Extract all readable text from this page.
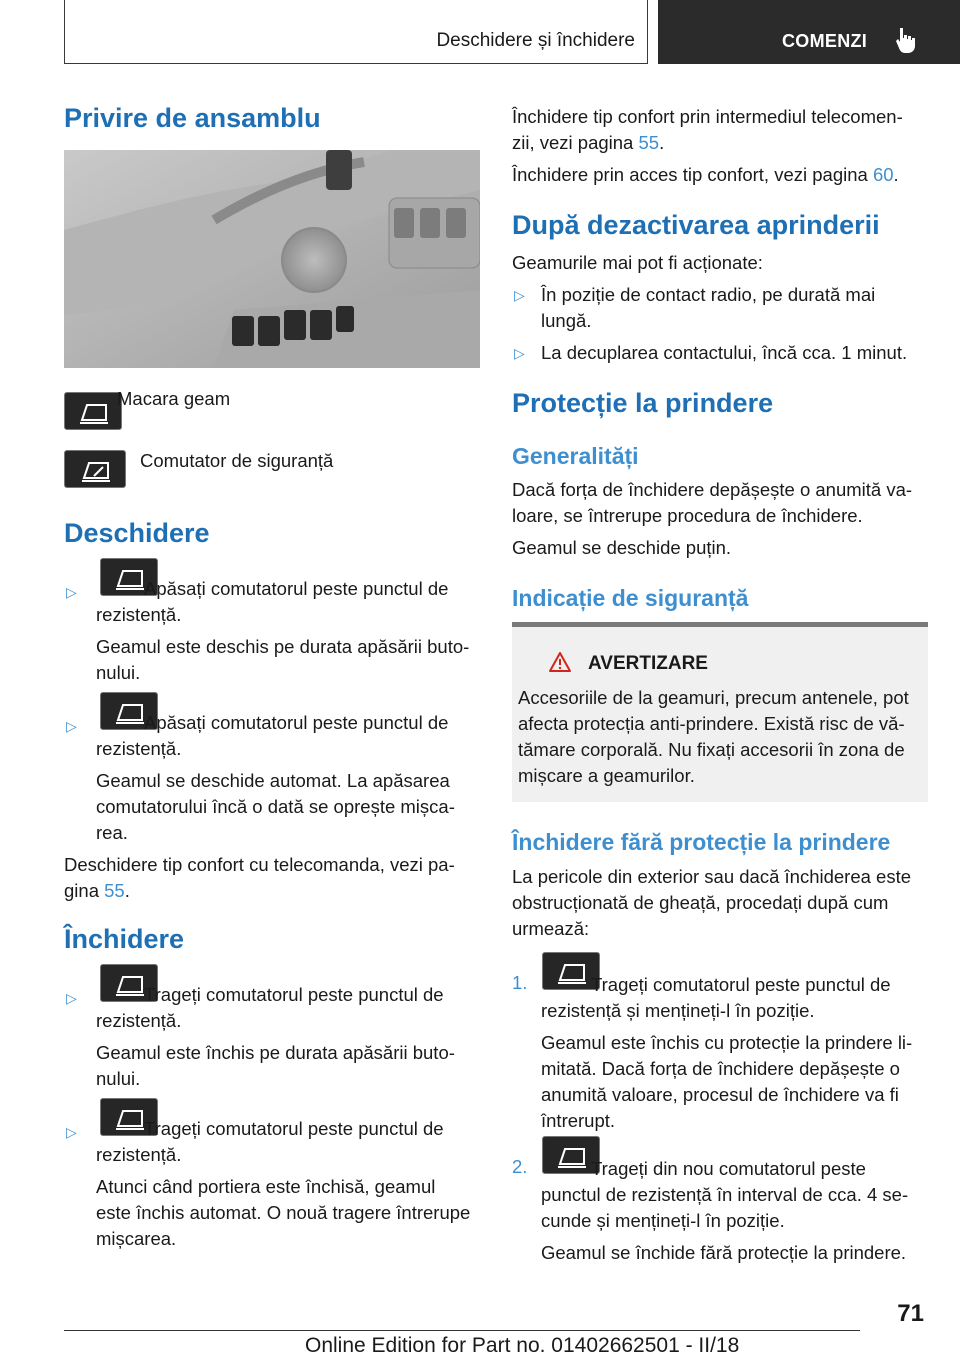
Deschidere și închidere	COMENZI
Privire de ansamblu
Macara geam
Comutator de siguranță
Deschidere
▷	Apăsați comutatorul peste punctul de
rezistență.
Geamul este deschis pe durata apăsării buto-
nului.
▷	Apăsați comutatorul peste punctul de
rezistență.
Geamul se deschide automat. La apăsarea
comutatorului încă o dată se oprește mișca-
rea.
Deschidere tip confort cu telecomanda, vezi pa-
gina 55.
Închidere
▷	Trageți comutatorul peste punctul de
rezistență.
Geamul este închis pe durata apăsării buto-
nului.
▷	Trageți comutatorul peste punctul de
rezistență.
Atunci când portiera este închisă, geamul
este închis automat. O nouă tragere întrerupe
mișcarea.
Închidere tip confort prin intermediul telecomen-
zii, vezi pagina 55.
Închidere prin acces tip confort, vezi pagina 60.
După dezactivarea aprinderii
Geamurile mai pot fi acționate:
▷ În poziție de contact radio, pe durată mai
lungă.
▷ La decuplarea contactului, încă cca. 1 minut.
Protecție la prindere
Generalități
Dacă forța de închidere depășește o anumită va-
loare, se întrerupe procedura de închidere.
Geamul se deschide puțin.
Indicație de siguranță
AVERTIZARE
Accesoriile de la geamuri, precum antenele, pot
afecta protecția anti-prindere. Există risc de vă-
tămare corporală. Nu fixați accesorii în zona de
mișcare a geamurilor.
Închidere fără protecție la prindere
La pericole din exterior sau dacă închiderea este
obstrucționată de gheață, procedați după cum
urmează:
1.	Trageți comutatorul peste punctul de
rezistență și mențineți-l în poziție.
Geamul este închis cu protecție la prindere li-
mitată. Dacă forța de închidere depășește o
anumită valoare, procesul de închidere va fi
întrerupt.
2.	Trageți din nou comutatorul peste
punctul de rezistență în interval de cca. 4 se-
cunde și mențineți-l în poziție.
Geamul se închide fără protecție la prindere.
71
Online Edition for Part no. 01402662501 - II/18
